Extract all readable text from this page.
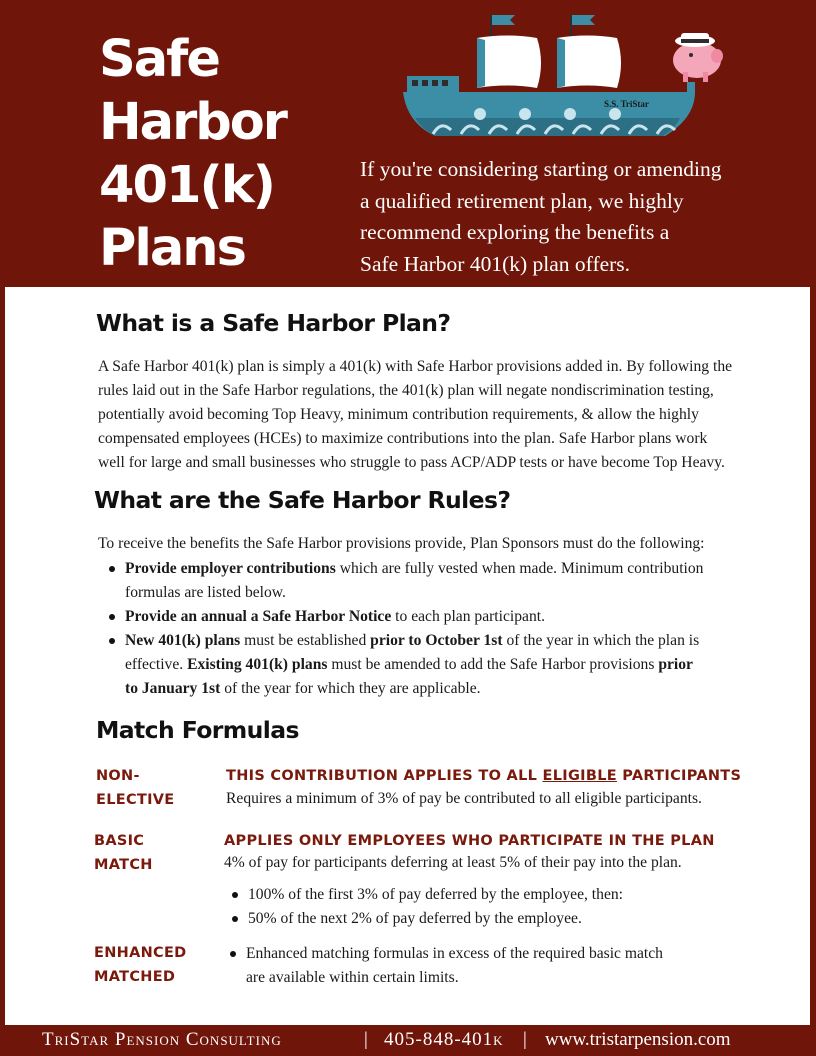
Safe
Harbor
401(k)
Plans
S.S. TriStar
If you're considering starting or amending
a qualified retirement plan, we highly
recommend exploring the benefits a
Safe Harbor 401(k) plan offers.
What is a Safe Harbor Plan?
A Safe Harbor 401(k) plan is simply a 401(k) with Safe Harbor provisions added in. By following the
rules laid out in the Safe Harbor regulations, the 401(k) plan will negate nondiscrimination testing,
potentially avoid becoming Top Heavy, minimum contribution requirements, & allow the highly
compensated employees (HCEs) to maximize contributions into the plan. Safe Harbor plans work
well for large and small businesses who struggle to pass ACP/ADP tests or have become Top Heavy.
What are the Safe Harbor Rules?
To receive the benefits the Safe Harbor provisions provide, Plan Sponsors must do the following:
Provide employer contributions which are fully vested when made. Minimum contribution
formulas are listed below.
Provide an annual a Safe Harbor Notice to each plan participant.
New 401(k) plans must be established prior to October 1st of the year in which the plan is
effective. Existing 401(k) plans must be amended to add the Safe Harbor provisions prior
to January 1st of the year for which they are applicable.
Match Formulas
NON-
ELECTIVE
THIS CONTRIBUTION APPLIES TO ALL ELIGIBLE PARTICIPANTS
Requires a minimum of 3% of pay be contributed to all eligible participants.
BASIC
MATCH
APPLIES ONLY EMPLOYEES WHO PARTICIPATE IN THE PLAN
4% of pay for participants deferring at least 5% of their pay into the plan.
100% of the first 3% of pay deferred by the employee, then:
50% of the next 2% of pay deferred by the employee.
ENHANCED
MATCHED
Enhanced matching formulas in excess of the required basic match
are available within certain limits.
TriStar Pension Consulting	| 405-848-401k | www.tristarpension.com
